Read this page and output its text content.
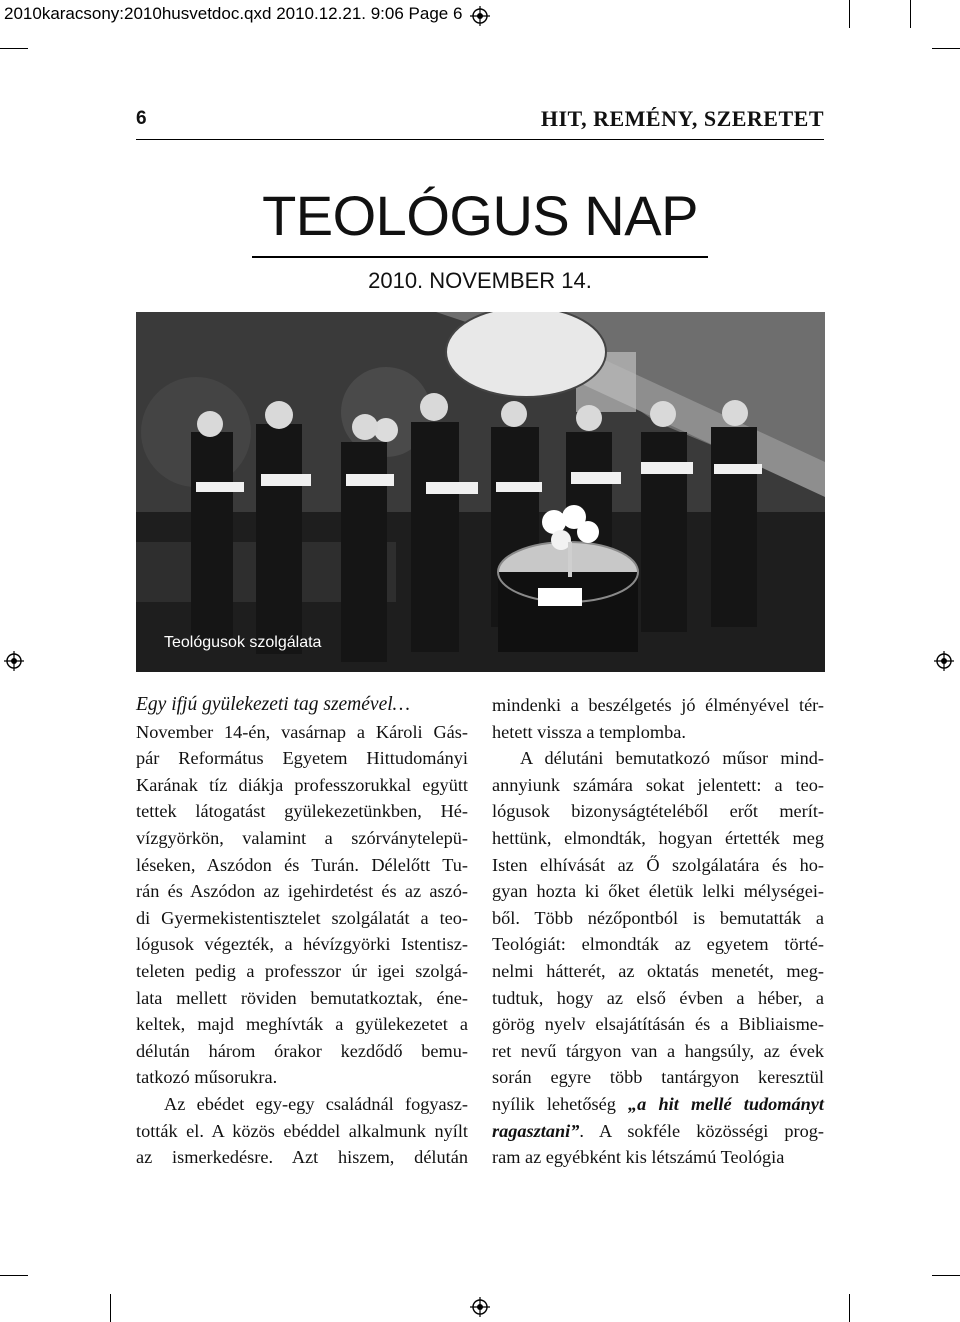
2010karacsony:2010husvetdoc.qxd 2010.12.21. 9:06 Page 6
6	HIT, REMÉNY, SZERETET
TEOLÓGUS NAP
2010. NOVEMBER 14.
Teológusok szolgálata
Egy ifjú gyülekezeti tag szemével…
November 14-én, vasárnap a Károli Gás-
pár Református Egyetem Hittudományi
Karának tíz diákja professzorukkal együtt
tettek látogatást gyülekezetünkben, Hé-
vízgyörkön, valamint a szórványtelepü-
léseken, Aszódon és Turán. Délelőtt Tu-
rán és Aszódon az igehirdetést és az aszó-
di Gyermekistentisztelet szolgálatát a teo-
lógusok végezték, a hévízgyörki Istentisz-
teleten pedig a professzor úr igei szolgá-
lata mellett röviden bemutatkoztak, éne-
keltek, majd meghívták a gyülekezetet a
délután három órakor kezdődő bemu-
tatkozó műsorukra.
Az ebédet egy-egy családnál fogyasz-
tották el. A közös ebéddel alkalmunk nyílt
az ismerkedésre. Azt hiszem, délután
mindenki a beszélgetés jó élményével tér-
hetett vissza a templomba.
A délutáni bemutatkozó műsor mind-
annyiunk számára sokat jelentett: a teo-
lógusok bizonyságtételéből erőt merít-
hettünk, elmondták, hogyan értették meg
Isten elhívását az Ő szolgálatára és ho-
gyan hozta ki őket életük lelki mélységei-
ből. Több nézőpontból is bemutatták a
Teológiát: elmondták az egyetem törté-
nelmi hátterét, az oktatás menetét, meg-
tudtuk, hogy az első évben a héber, a
görög nyelv elsajátításán és a Bibliaisme-
ret nevű tárgyon van a hangsúly, az évek
során egyre több tantárgyon keresztül
nyílik lehetőség „a hit mellé tudományt
ragasztani”. A sokféle közösségi prog-
ram az egyébként kis létszámú Teológia
